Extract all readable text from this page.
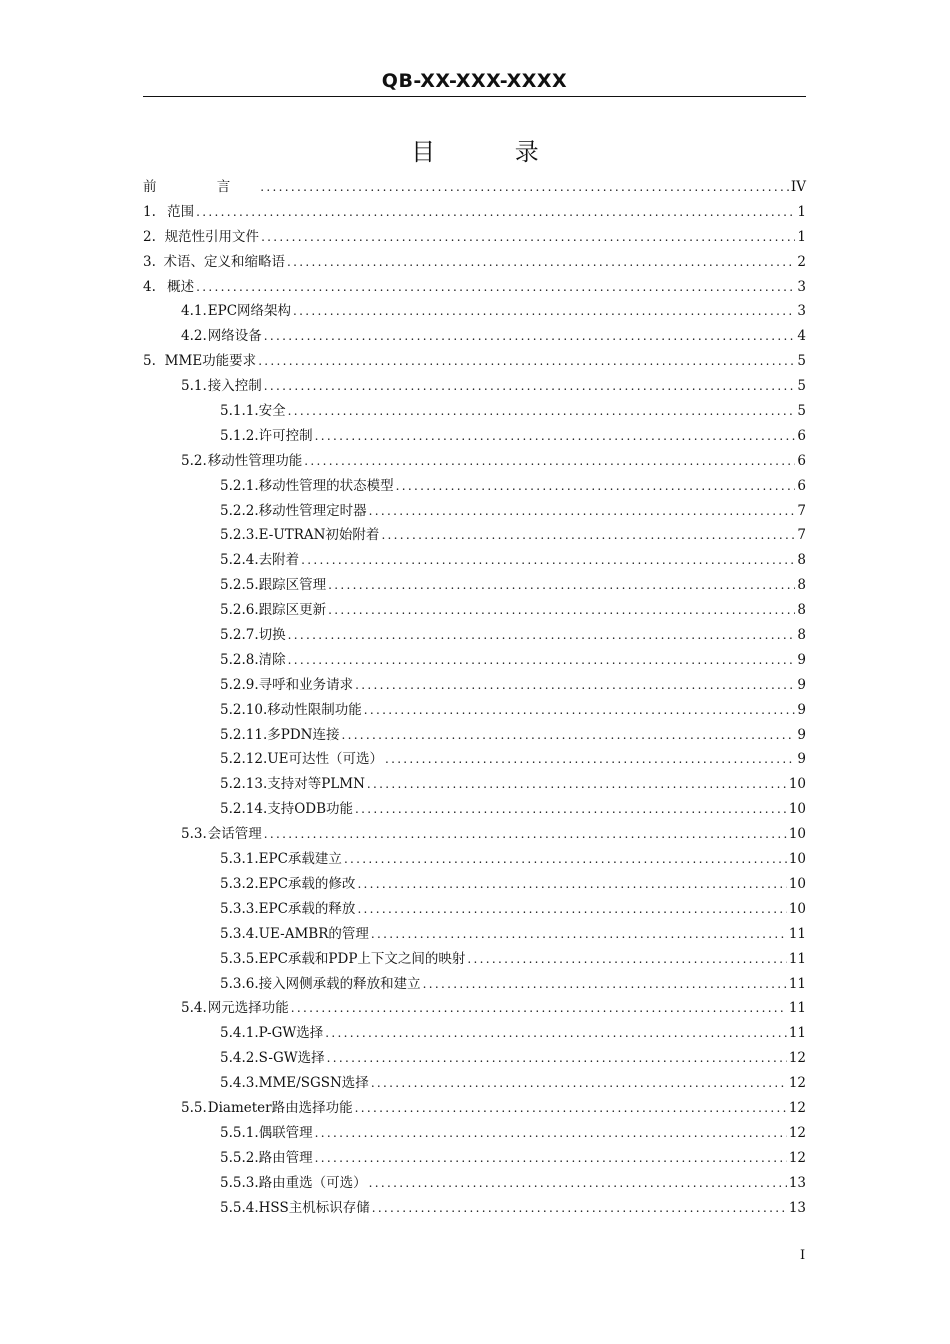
QB-XX-XXX-XXXX
目 录
前 言 .....	IV
1. 范围 .....	1
2. 规范性引用文件 .....	1
3. 术语、定义和缩略语 .....	2
4. 概述 .....	3
4.1. EPC网络架构 .....	3
4.2. 网络设备 .....	4
5. MME功能要求 .....	5
5.1. 接入控制 .....	5
5.1.1. 安全 .....	5
5.1.2. 许可控制 .....	6
5.2. 移动性管理功能 .....	6
5.2.1. 移动性管理的状态模型 .....	6
5.2.2. 移动性管理定时器 .....	7
5.2.3. E-UTRAN初始附着 .....	7
5.2.4. 去附着 .....	8
5.2.5. 跟踪区管理 .....	8
5.2.6. 跟踪区更新 .....	8
5.2.7. 切换 .....	8
5.2.8. 清除 .....	9
5.2.9. 寻呼和业务请求 .....	9
5.2.10. 移动性限制功能 .....	9
5.2.11. 多PDN连接 .....	9
5.2.12. UE可达性（可选） .....	9
5.2.13. 支持对等PLMN .....	10
5.2.14. 支持ODB功能 .....	10
5.3. 会话管理 .....	10
5.3.1. EPC承载建立 .....	10
5.3.2. EPC承载的修改 .....	10
5.3.3. EPC承载的释放 .....	10
5.3.4. UE-AMBR的管理 .....	11
5.3.5. EPC承载和PDP上下文之间的映射 .....	11
5.3.6. 接入网侧承载的释放和建立 .....	11
5.4. 网元选择功能 .....	11
5.4.1. P-GW选择 .....	11
5.4.2. S-GW选择 .....	12
5.4.3. MME/SGSN选择 .....	12
5.5. Diameter路由选择功能 .....	12
5.5.1. 偶联管理 .....	12
5.5.2. 路由管理 .....	12
5.5.3. 路由重选（可选） .....	13
5.5.4. HSS主机标识存储 .....	13
I
